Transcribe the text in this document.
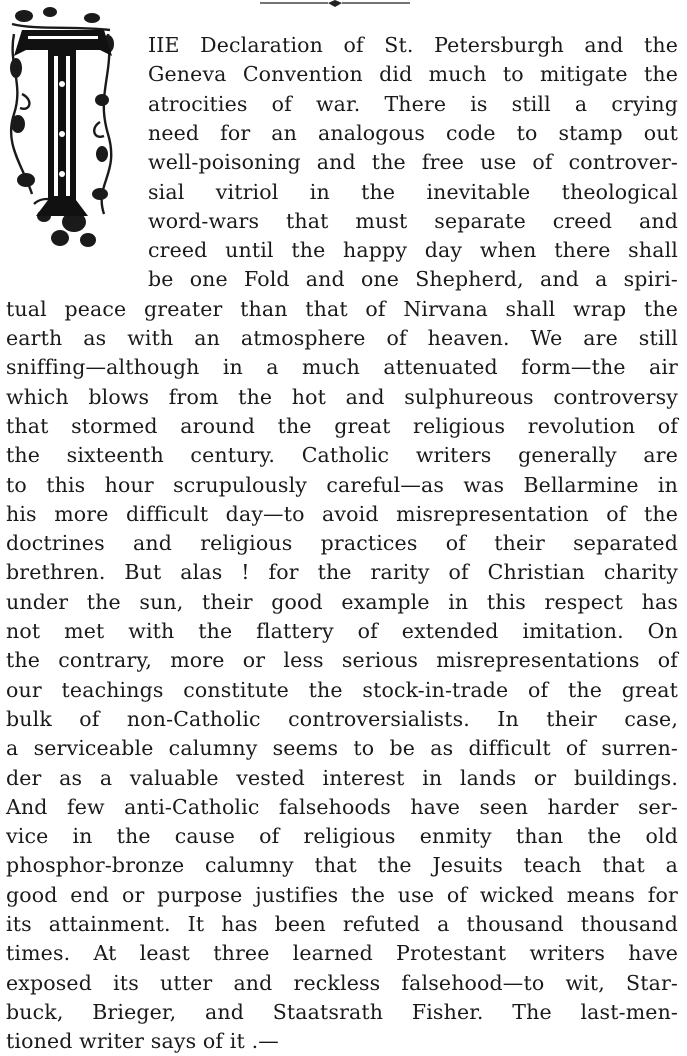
T
IIE Declaration of St. Petersburgh and the
Geneva Convention did much to mitigate the
atrocities of war. There is still a crying
need for an analogous code to stamp out
well-poisoning and the free use of controver-
sial vitriol in the inevitable theological
word-wars that must separate creed and
creed until the happy day when there shall
be one Fold and one Shepherd, and a spiri-
tual peace greater than that of Nirvana shall wrap the
earth as with an atmosphere of heaven. We are still
sniffing—although in a much attenuated form—the air
which blows from the hot and sulphureous controversy
that stormed around the great religious revolution of
the sixteenth century. Catholic writers generally are
to this hour scrupulously careful—as was Bellarmine in
his more difficult day—to avoid misrepresentation of the
doctrines and religious practices of their separated
brethren. But alas ! for the rarity of Christian charity
under the sun, their good example in this respect has
not met with the flattery of extended imitation. On
the contrary, more or less serious misrepresentations of
our teachings constitute the stock-in-trade of the great
bulk of non-Catholic controversialists. In their case,
a serviceable calumny seems to be as difficult of surren-
der as a valuable vested interest in lands or buildings.
And few anti-Catholic falsehoods have seen harder ser-
vice in the cause of religious enmity than the old
phosphor-bronze calumny that the Jesuits teach that a
good end or purpose justifies the use of wicked means for
its attainment. It has been refuted a thousand thousand
times. At least three learned Protestant writers have
exposed its utter and reckless falsehood—to wit, Star-
buck, Brieger, and Staatsrath Fisher. The last-men-
tioned writer says of it .—
